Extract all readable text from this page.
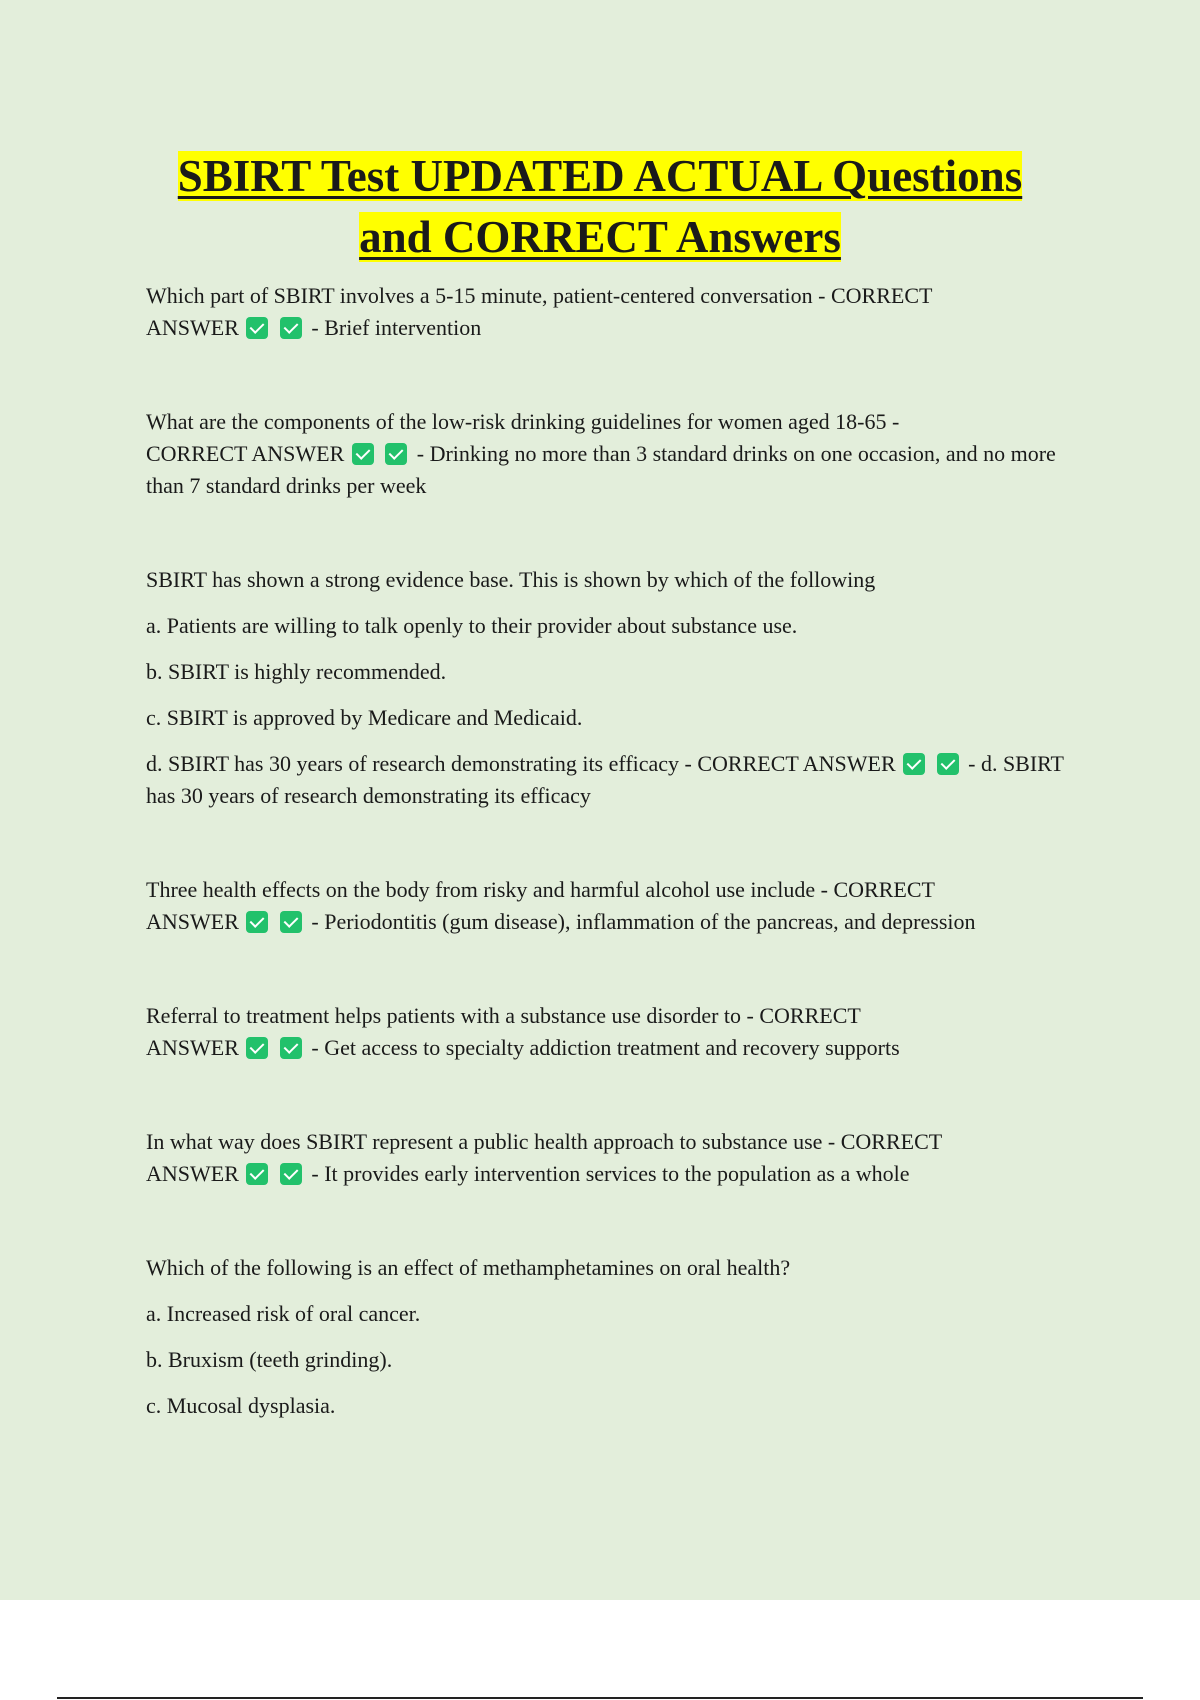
SBIRT Test UPDATED ACTUAL Questions
and CORRECT Answers

Which part of SBIRT involves a 5-15 minute, patient-centered conversation - CORRECT
ANSWER	- Brief intervention

What are the components of the low-risk drinking guidelines for women aged 18-65 -
CORRECT ANSWER	- Drinking no more than 3 standard drinks on one occasion, and no more than 7 standard drinks per week

SBIRT has shown a strong evidence base. This is shown by which of the following

a. Patients are willing to talk openly to their provider about substance use.

b. SBIRT is highly recommended.

c. SBIRT is approved by Medicare and Medicaid.

d. SBIRT has 30 years of research demonstrating its efficacy - CORRECT ANSWER	- d. SBIRT has 30 years of research demonstrating its efficacy

Three health effects on the body from risky and harmful alcohol use include - CORRECT
ANSWER	- Periodontitis (gum disease), inflammation of the pancreas, and depression

Referral to treatment helps patients with a substance use disorder to - CORRECT
ANSWER	- Get access to specialty addiction treatment and recovery supports

In what way does SBIRT represent a public health approach to substance use - CORRECT
ANSWER	- It provides early intervention services to the population as a whole

Which of the following is an effect of methamphetamines on oral health?

a. Increased risk of oral cancer.

b. Bruxism (teeth grinding).

c. Mucosal dysplasia.
